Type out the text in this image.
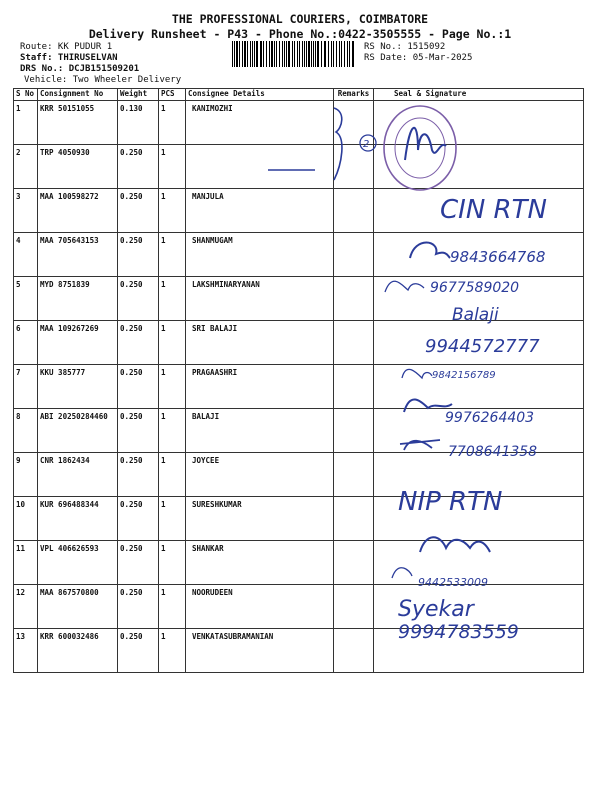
THE PROFESSIONAL COURIERS, COIMBATORE
Delivery Runsheet - P43 - Phone No.:0422-3505555 - Page No.:1
Route: KK PUDUR 1
Staff: THIRUSELVAN
DRS No.: DCJB151509201
Vehicle: Two Wheeler Delivery
RS No.: 1515092
RS Date: 05-Mar-2025
S No	Consignment No	Weight	PCS	Consignee Details	Remarks	Seal & Signature
1	KRR 50151055	0.130	1	KANIMOZHI		
2	TRP 4050930	0.250	1			
3	MAA 100598272	0.250	1	MANJULA		
4	MAA 705643153	0.250	1	SHANMUGAM		
5	MYD 8751839	0.250	1	LAKSHMINARYANAN		
6	MAA 109267269	0.250	1	SRI BALAJI		
7	KKU 385777	0.250	1	PRAGAASHRI		
8	ABI 20250284460	0.250	1	BALAJI		
9	CNR 1862434	0.250	1	JOYCEE		
10	KUR 696488344	0.250	1	SURESHKUMAR		
11	VPL 406626593	0.250	1	SHANKAR		
12	MAA 867570800	0.250	1	NOORUDEEN		
13	KRR 600032486	0.250	1	VENKATASUBRAMANIAN		
2
CIN RTN
9843664768
9677589020
Balaji
9944572777
9842156789
9976264403
7708641358
NIP RTN
9442533009
Syekar
9994783559
